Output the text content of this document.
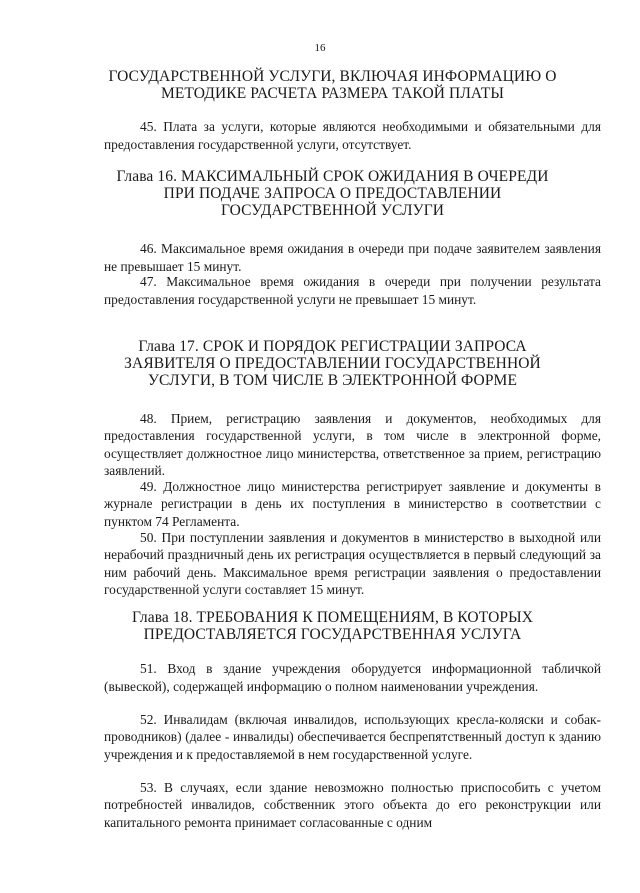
16
ГОСУДАРСТВЕННОЙ УСЛУГИ, ВКЛЮЧАЯ ИНФОРМАЦИЮ О МЕТОДИКЕ РАСЧЕТА РАЗМЕРА ТАКОЙ ПЛАТЫ

45. Плата за услуги, которые являются необходимыми и обязательными для предоставления государственной услуги, отсутствует.

Глава 16. МАКСИМАЛЬНЫЙ СРОК ОЖИДАНИЯ В ОЧЕРЕДИ ПРИ ПОДАЧЕ ЗАПРОСА О ПРЕДОСТАВЛЕНИИ ГОСУДАРСТВЕННОЙ УСЛУГИ

46. Максимальное время ожидания в очереди при подаче заявителем заявления не превышает 15 минут.

47. Максимальное время ожидания в очереди при получении результата предоставления государственной услуги не превышает 15 минут.

Глава 17. СРОК И ПОРЯДОК РЕГИСТРАЦИИ ЗАПРОСА ЗАЯВИТЕЛЯ О ПРЕДОСТАВЛЕНИИ ГОСУДАРСТВЕННОЙ УСЛУГИ, В ТОМ ЧИСЛЕ В ЭЛЕКТРОННОЙ ФОРМЕ

48. Прием, регистрацию заявления и документов, необходимых для предоставления государственной услуги, в том числе в электронной форме, осуществляет должностное лицо министерства, ответственное за прием, регистрацию заявлений.

49. Должностное лицо министерства регистрирует заявление и документы в журнале регистрации в день их поступления в министерство в соответствии с пунктом 74 Регламента.

50. При поступлении заявления и документов в министерство в выходной или нерабочий праздничный день их регистрация осуществляется в первый следующий за ним рабочий день. Максимальное время регистрации заявления о предоставлении государственной услуги составляет 15 минут.

Глава 18. ТРЕБОВАНИЯ К ПОМЕЩЕНИЯМ, В КОТОРЫХ ПРЕДОСТАВЛЯЕТСЯ ГОСУДАРСТВЕННАЯ УСЛУГА

51. Вход в здание учреждения оборудуется информационной табличкой (вывеской), содержащей информацию о полном наименовании учреждения.

52. Инвалидам (включая инвалидов, использующих кресла-коляски и собак-проводников) (далее - инвалиды) обеспечивается беспрепятственный доступ к зданию учреждения и к предоставляемой в нем государственной услуге.

53. В случаях, если здание невозможно полностью приспособить с учетом потребностей инвалидов, собственник этого объекта до его реконструкции или капитального ремонта принимает согласованные с одним
